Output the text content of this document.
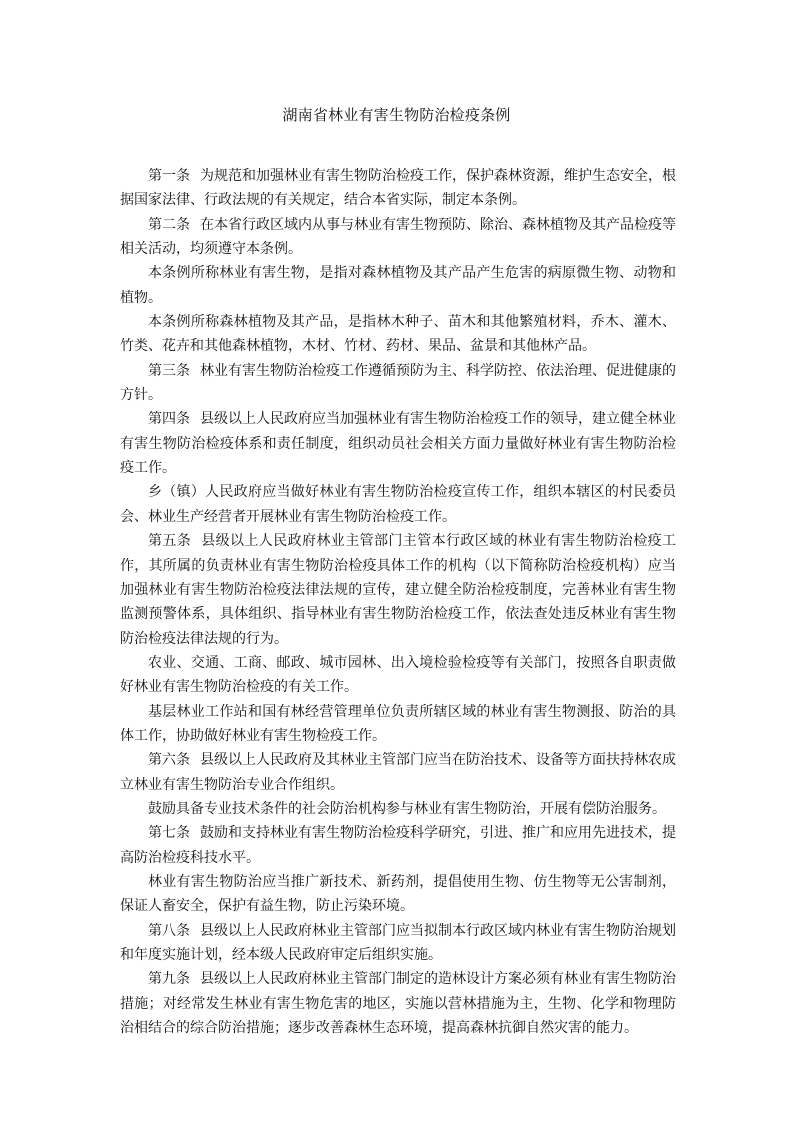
湖南省林业有害生物防治检疫条例

第一条 为规范和加强林业有害生物防治检疫工作，保护森林资源，维护生态安全，根据国家法律、行政法规的有关规定，结合本省实际，制定本条例。

第二条 在本省行政区域内从事与林业有害生物预防、除治、森林植物及其产品检疫等相关活动，均须遵守本条例。

本条例所称林业有害生物，是指对森林植物及其产品产生危害的病原微生物、动物和植物。

本条例所称森林植物及其产品，是指林木种子、苗木和其他繁殖材料，乔木、灌木、竹类、花卉和其他森林植物，木材、竹材、药材、果品、盆景和其他林产品。

第三条 林业有害生物防治检疫工作遵循预防为主、科学防控、依法治理、促进健康的方针。

第四条 县级以上人民政府应当加强林业有害生物防治检疫工作的领导，建立健全林业有害生物防治检疫体系和责任制度，组织动员社会相关方面力量做好林业有害生物防治检疫工作。

乡（镇）人民政府应当做好林业有害生物防治检疫宣传工作，组织本辖区的村民委员会、林业生产经营者开展林业有害生物防治检疫工作。

第五条 县级以上人民政府林业主管部门主管本行政区域的林业有害生物防治检疫工作，其所属的负责林业有害生物防治检疫具体工作的机构（以下简称防治检疫机构）应当加强林业有害生物防治检疫法律法规的宣传，建立健全防治检疫制度，完善林业有害生物监测预警体系，具体组织、指导林业有害生物防治检疫工作，依法查处违反林业有害生物防治检疫法律法规的行为。

农业、交通、工商、邮政、城市园林、出入境检验检疫等有关部门，按照各自职责做好林业有害生物防治检疫的有关工作。

基层林业工作站和国有林经营管理单位负责所辖区域的林业有害生物测报、防治的具体工作，协助做好林业有害生物检疫工作。

第六条 县级以上人民政府及其林业主管部门应当在防治技术、设备等方面扶持林农成立林业有害生物防治专业合作组织。

鼓励具备专业技术条件的社会防治机构参与林业有害生物防治，开展有偿防治服务。

第七条 鼓励和支持林业有害生物防治检疫科学研究，引进、推广和应用先进技术，提高防治检疫科技水平。

林业有害生物防治应当推广新技术、新药剂，提倡使用生物、仿生物等无公害制剂，保证人畜安全，保护有益生物，防止污染环境。

第八条 县级以上人民政府林业主管部门应当拟制本行政区域内林业有害生物防治规划和年度实施计划，经本级人民政府审定后组织实施。

第九条 县级以上人民政府林业主管部门制定的造林设计方案必须有林业有害生物防治措施；对经常发生林业有害生物危害的地区，实施以营林措施为主，生物、化学和物理防治相结合的综合防治措施；逐步改善森林生态环境，提高森林抗御自然灾害的能力。
